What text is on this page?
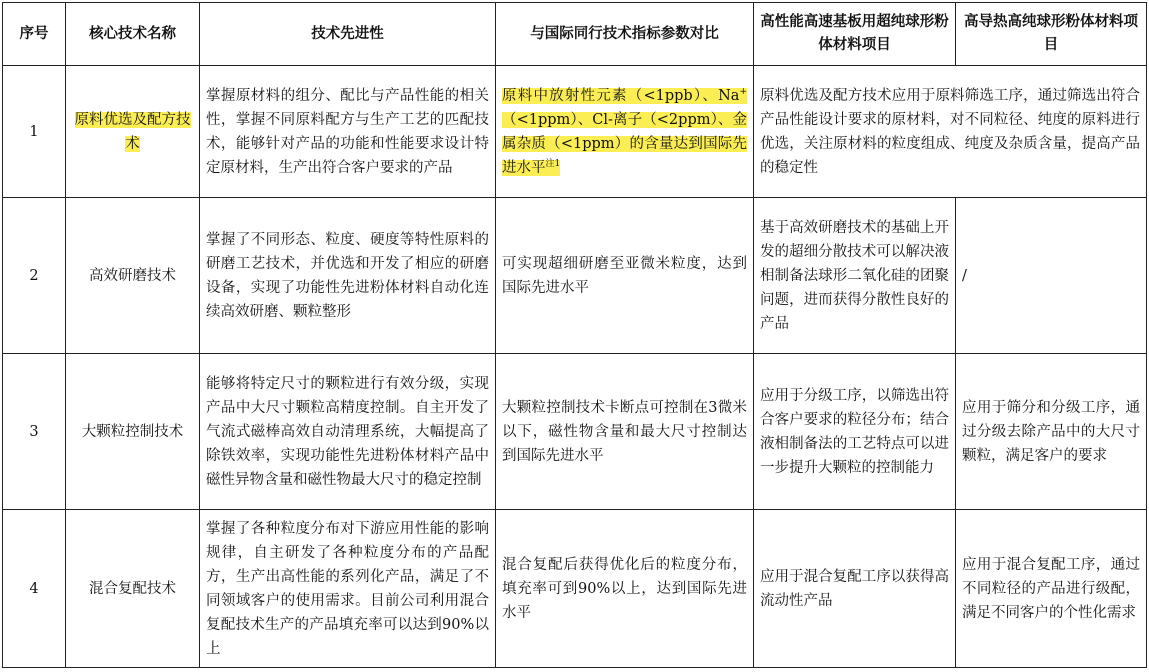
序号	核心技术名称	技术先进性	与国际同行技术指标参数对比	高性能高速基板用超纯球形粉体材料项目	高导热高纯球形粉体材料项目
1	原料优选及配方技术	掌握原材料的组分、配比与产品性能的相关性，掌握不同原料配方与生产工艺的匹配技术，能够针对产品的功能和性能要求设计特定原材料，生产出符合客户要求的产品	原料中放射性元素（<1ppb）、Na+（<1ppm）、Cl-离子（<2ppm）、金属杂质（<1ppm）的含量达到国际先进水平$^{注1}$	原料优选及配方技术应用于原料筛选工序，通过筛选出符合产品性能设计要求的原材料，对不同粒径、纯度的原料进行优选，关注原材料的粒度组成、纯度及杂质含量，提高产品的稳定性	
2	高效研磨技术	掌握了不同形态、粒度、硬度等特性原料的研磨工艺技术，并优选和开发了相应的研磨设备，实现了功能性先进粉体材料自动化连续高效研磨、颗粒整形	可实现超细研磨至亚微米粒度，达到国际先进水平	基于高效研磨技术的基础上开发的超细分散技术可以解决液相制备法球形二氧化硅的团聚问题，进而获得分散性良好的产品	/
3	大颗粒控制技术	能够将特定尺寸的颗粒进行有效分级，实现产品中大尺寸颗粒高精度控制。自主开发了气流式磁棒高效自动清理系统，大幅提高了除铁效率，实现功能性先进粉体材料产品中磁性异物含量和磁性物最大尺寸的稳定控制	大颗粒控制技术卡断点可控制在3微米以下，磁性物含量和最大尺寸控制达到国际先进水平	应用于分级工序，以筛选出符合客户要求的粒径分布；结合液相制备法的工艺特点可以进一步提升大颗粒的控制能力	应用于筛分和分级工序，通过分级去除产品中的大尺寸颗粒，满足客户的要求
4	混合复配技术	掌握了各种粒度分布对下游应用性能的影响规律，自主研发了各种粒度分布的产品配方，生产出高性能的系列化产品，满足了不同领域客户的使用需求。目前公司利用混合复配技术生产的产品填充率可以达到90%以上	混合复配后获得优化后的粒度分布，填充率可到90%以上，达到国际先进水平	应用于混合复配工序以获得高流动性产品	应用于混合复配工序，通过不同粒径的产品进行级配，满足不同客户的个性化需求
